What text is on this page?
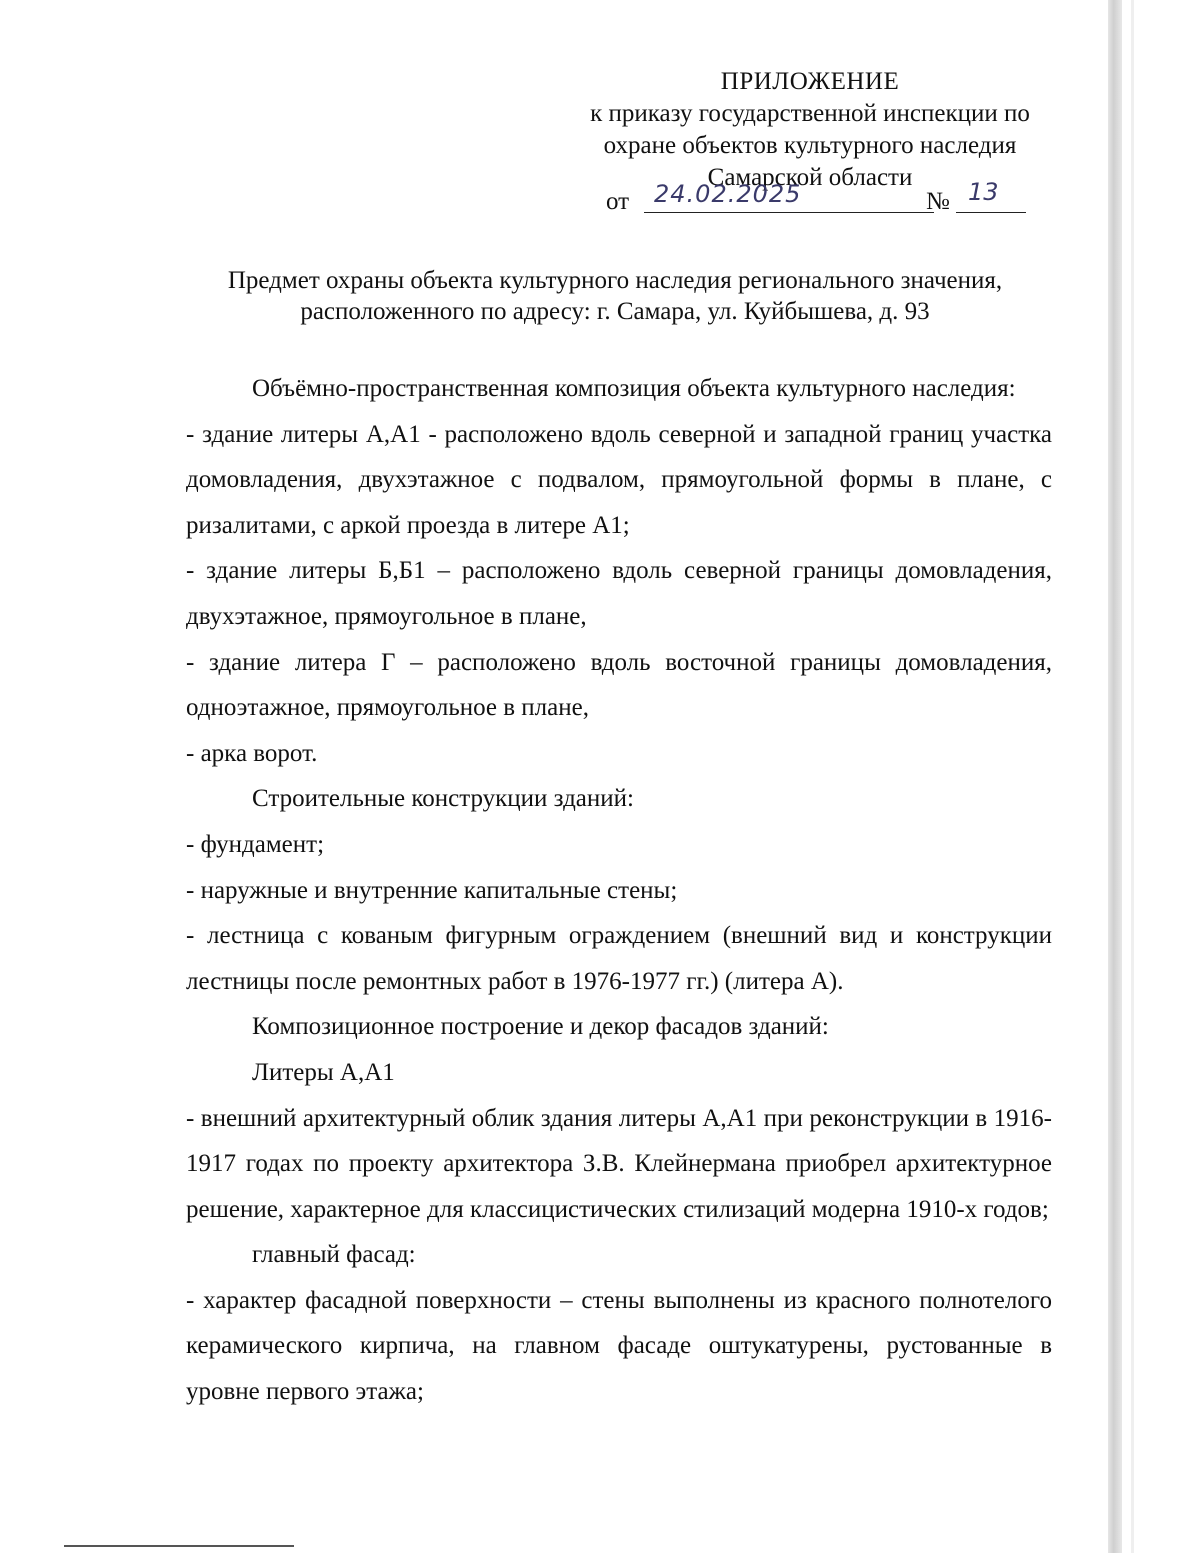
ПРИЛОЖЕНИЕ
к приказу государственной инспекции по
охране объектов культурного наследия
Самарской области
от 24.02.2025	№ 13
Предмет охраны объекта культурного наследия регионального значения,
расположенного по адресу: г. Самара, ул. Куйбышева, д. 93

Объёмно-пространственная композиция объекта культурного наследия:

- здание литеры А,А1 - расположено вдоль северной и западной границ участка домовладения, двухэтажное с подвалом, прямоугольной формы в плане, с ризалитами, с аркой проезда в литере А1;

- здание литеры Б,Б1 – расположено вдоль северной границы домовладения, двухэтажное, прямоугольное в плане,

- здание литера Г – расположено вдоль восточной границы домовладения, одноэтажное, прямоугольное в плане,

- арка ворот.

Строительные конструкции зданий:

- фундамент;

- наружные и внутренние капитальные стены;

- лестница с кованым фигурным ограждением (внешний вид и конструкции лестницы после ремонтных работ в 1976-1977 гг.) (литера А).

Композиционное построение и декор фасадов зданий:

Литеры А,А1

- внешний архитектурный облик здания литеры А,А1 при реконструкции в 1916-1917 годах по проекту архитектора З.В. Клейнермана приобрел архитектурное решение, характерное для классицистических стилизаций модерна 1910-х годов;

главный фасад:

- характер фасадной поверхности – стены выполнены из красного полнотелого керамического кирпича, на главном фасаде оштукатурены, рустованные в уровне первого этажа;
